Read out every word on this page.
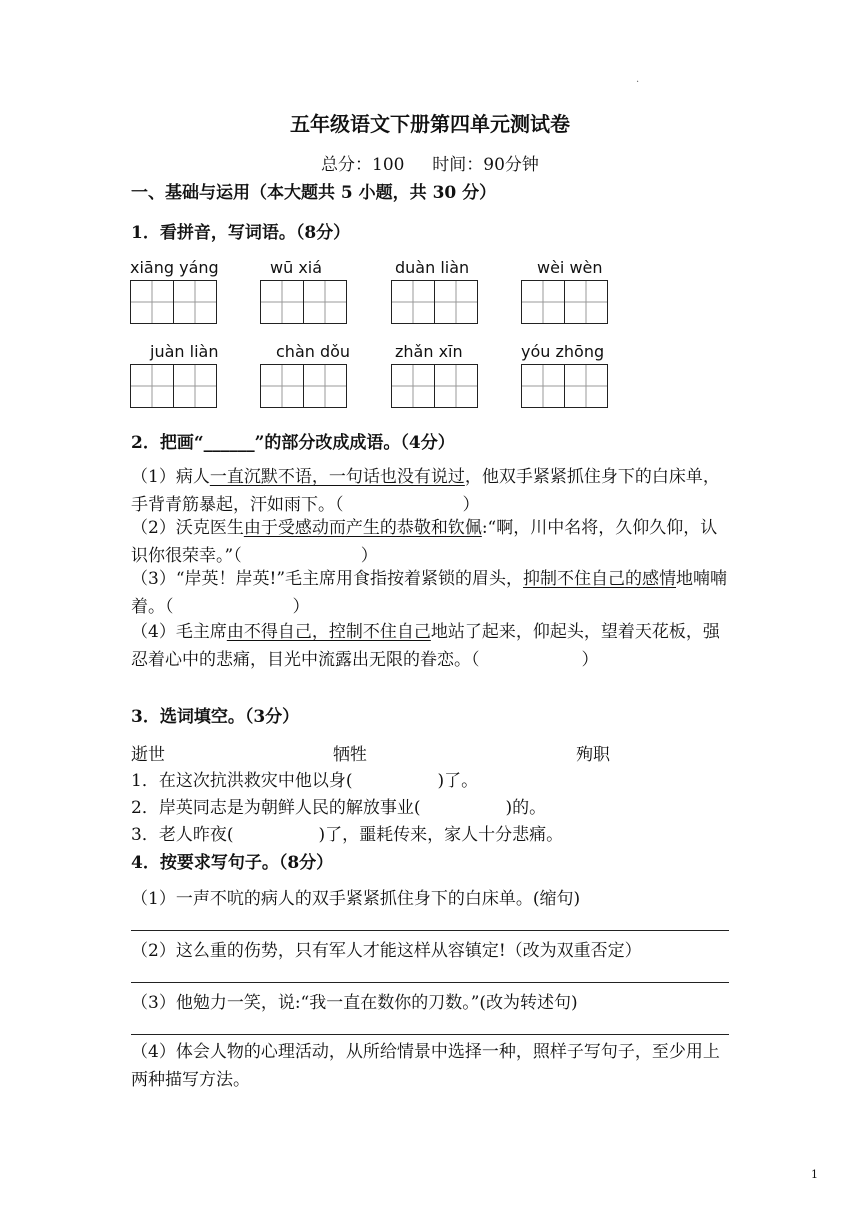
.
五年级语文下册第四单元测试卷
总分：100　  时间：90分钟
一、基础与运用（本大题共 5 小题，共 30 分）
1．看拼音，写词语。（8分）
xiāng yáng	wū xiá	duàn liàn	wèi wèn
juàn liàn	chàn dǒu	zhǎn xīn	yóu zhōng
2．把画“______”的部分改成成语。（4分）
（1）病人一直沉默不语，一句话也没有说过，他双手紧紧抓住身下的白床单，手背青筋暴起，汗如雨下。（　　　　　　　）
（2）沃克医生由于受感动而产生的恭敬和钦佩:“啊，川中名将，久仰久仰，认识你很荣幸。”（　　　　　　　）
（3）“岸英！岸英!”毛主席用食指按着紧锁的眉头，抑制不住自己的感情地喃喃着。（　　　　　　　）
（4）毛主席由不得自己，控制不住自己地站了起来，仰起头，望着天花板，强忍着心中的悲痛，目光中流露出无限的眷恋。（　　　　　　）
3．选词填空。（3分）
逝世	牺牲	殉职
1．在这次抗洪救灾中他以身(　　　　　)了。
2．岸英同志是为朝鲜人民的解放事业(　　　　　)的。
3．老人昨夜(　　　　　)了，噩耗传来，家人十分悲痛。
4．按要求写句子。（8分）
（1）一声不吭的病人的双手紧紧抓住身下的白床单。(缩句)
（2）这么重的伤势，只有军人才能这样从容镇定!（改为双重否定）
（3）他勉力一笑，说:“我一直在数你的刀数。”(改为转述句)
（4）体会人物的心理活动，从所给情景中选择一种，照样子写句子，至少用上两种描写方法。
1
